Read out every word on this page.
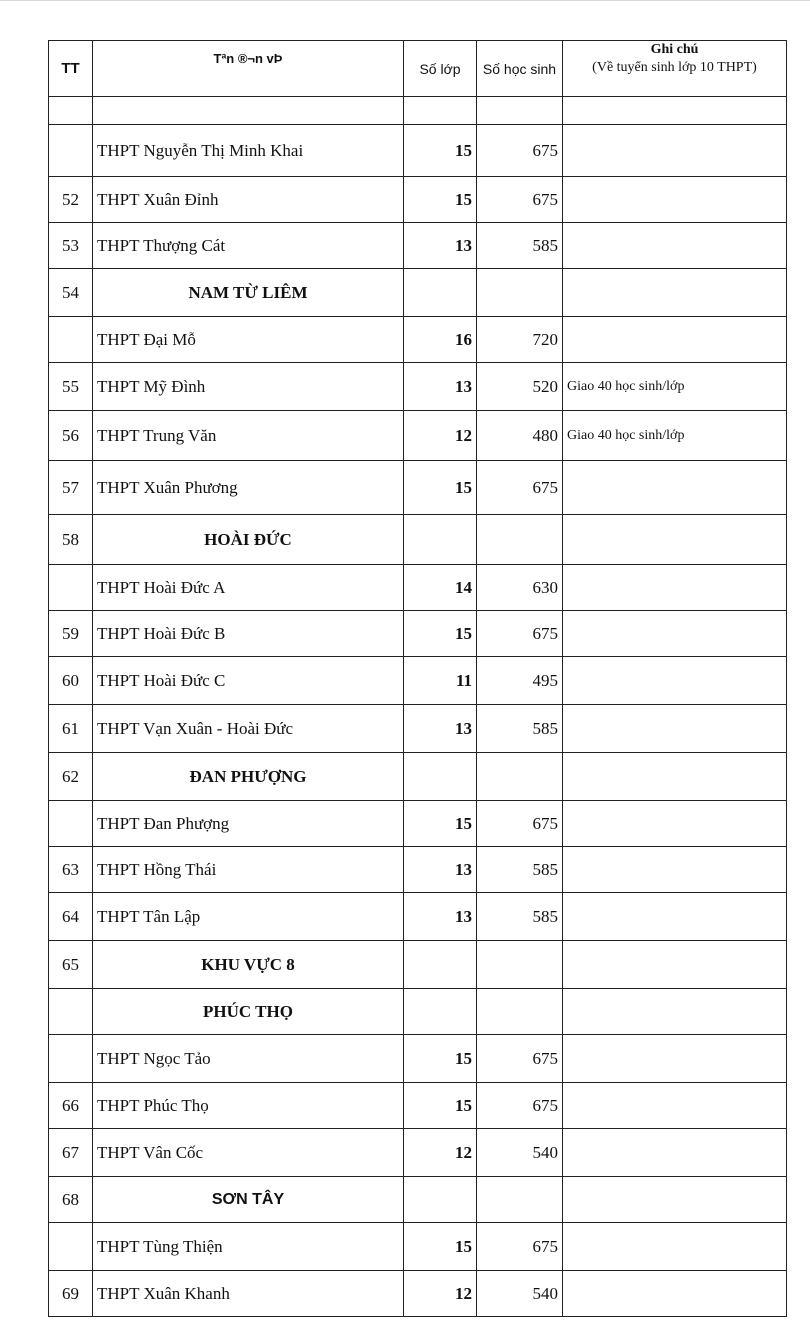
TT	Tªn ®¬n vÞ	Số lớp	Số học sinh	Ghi chú
(Về tuyển sinh lớp 10 THPT)

	THPT Nguyễn Thị Minh Khai	15	675	
52	THPT Xuân Đỉnh	15	675	
53	THPT Thượng Cát	13	585	
54	NAM TỪ LIÊM			
	THPT Đại Mỗ	16	720	
55	THPT Mỹ Đình	13	520	Giao 40 học sinh/lớp
56	THPT Trung Văn	12	480	Giao 40 học sinh/lớp
57	THPT Xuân Phương	15	675	
58	HOÀI ĐỨC			
	THPT Hoài Đức A	14	630	
59	THPT Hoài Đức B	15	675	
60	THPT Hoài Đức C	11	495	
61	THPT Vạn Xuân - Hoài Đức	13	585	
62	ĐAN PHƯỢNG			
	THPT Đan Phượng	15	675	
63	THPT Hồng Thái	13	585	
64	THPT Tân Lập	13	585	
65	KHU VỰC 8			
	PHÚC THỌ			
	THPT Ngọc Tảo	15	675	
66	THPT Phúc Thọ	15	675	
67	THPT Vân Cốc	12	540	
68	SƠN TÂY			
	THPT Tùng Thiện	15	675	
69	THPT Xuân Khanh	12	540	
